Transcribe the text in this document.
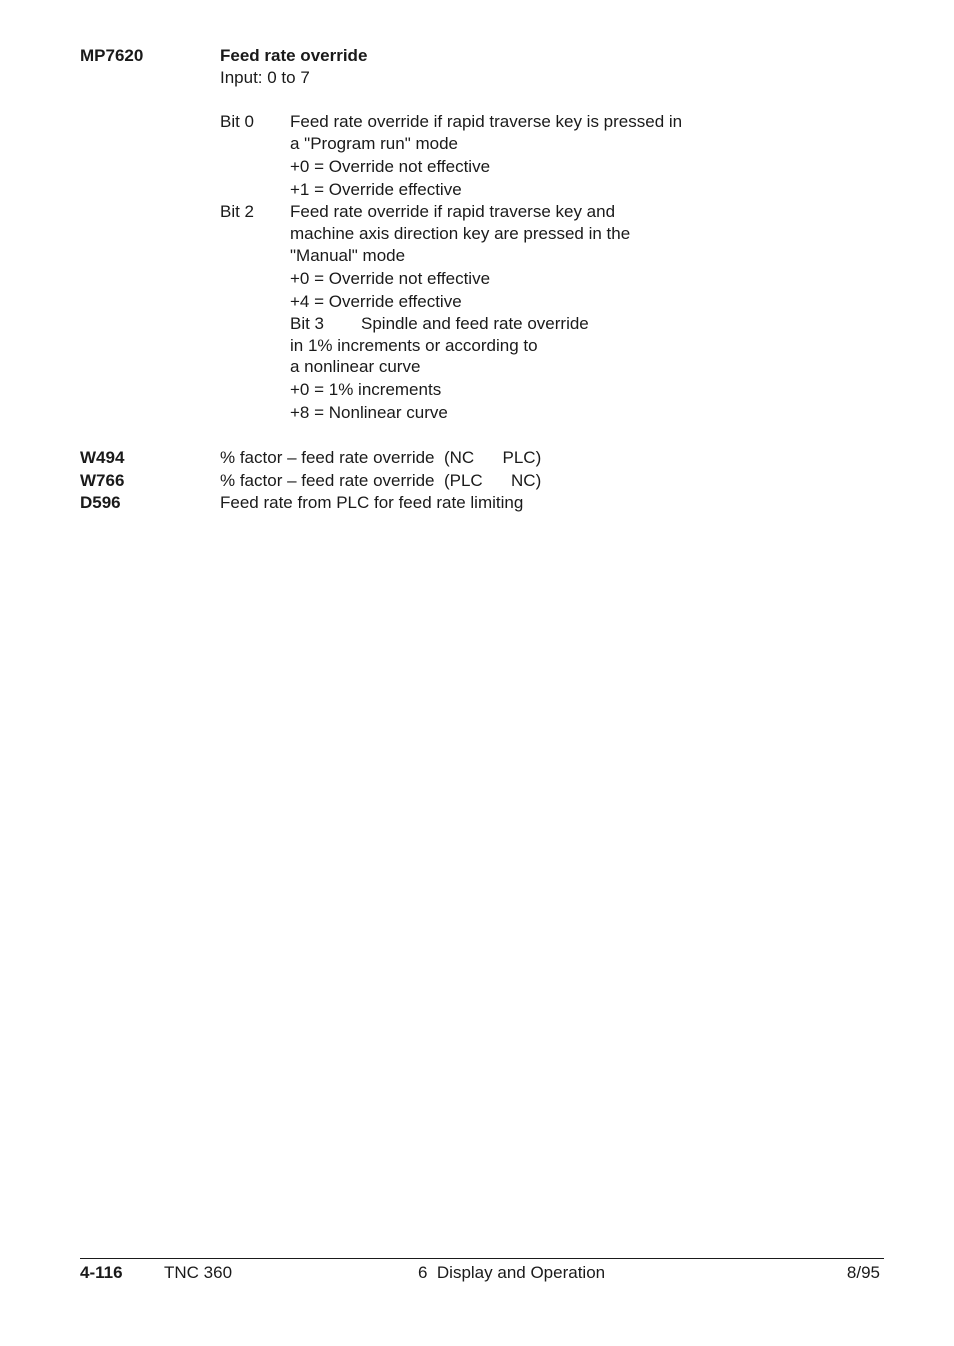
MP7620	Feed rate override
Input: 0 to 7
Bit 0 Feed rate override if rapid traverse key is pressed in
a "Program run" mode
+0 = Override not effective
+1 = Override effective
Bit 2 Feed rate override if rapid traverse key and
machine axis direction key are pressed in the
"Manual" mode
+0 = Override not effective
+4 = Override effective
Bit 3 Spindle and feed rate override
in 1% increments or according to
a nonlinear curve
+0 = 1% increments
+8 = Nonlinear curve
W494	% factor – feed rate override  (NC      PLC)
W766	% factor – feed rate override  (PLC      NC)
D596	Feed rate from PLC for feed rate limiting
4-116 TNC 360	6  Display and Operation	8/95
